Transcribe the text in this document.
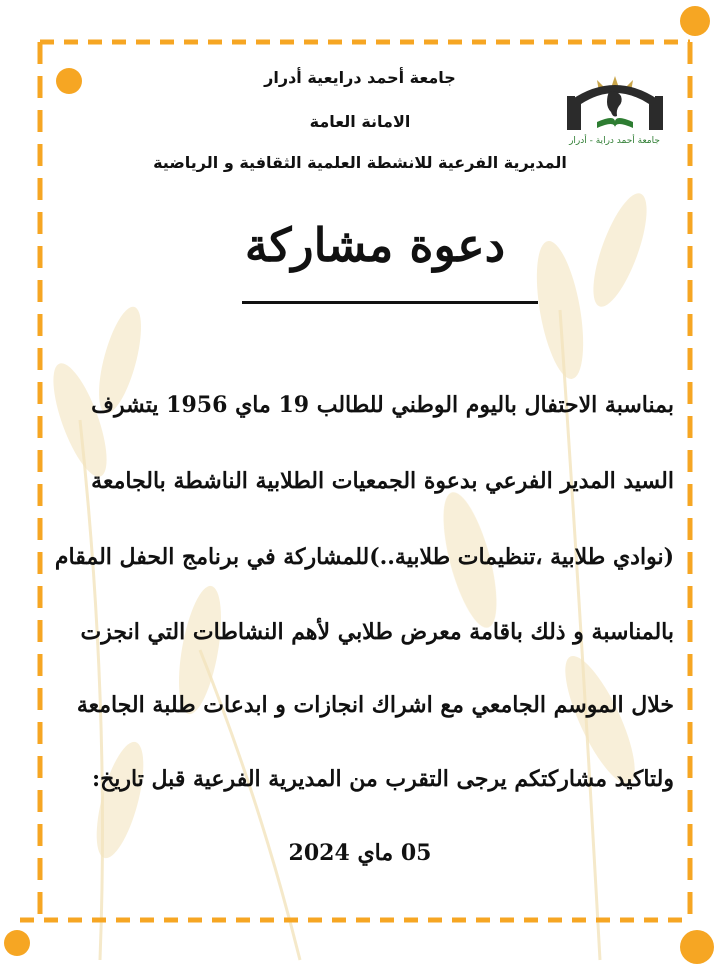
جامعة أحمد دراية - أدرار
جامعة أحمد درايعية أدرار
الامانة العامة
المديرية الفرعية للانشطة العلمية الثقافية و الرياضية
دعوة مشاركة
بمناسبة الاحتفال باليوم الوطني للطالب 19 ماي 1956 يتشرف
السيد المدير الفرعي بدعوة الجمعيات الطلابية الناشطة بالجامعة
(نوادي طلابية ،تنظيمات طلابية..)للمشاركة في برنامج الحفل المقام
بالمناسبة و ذلك باقامة معرض طلابي لأهم النشاطات التي انجزت
خلال الموسم الجامعي مع اشراك انجازات و ابدعات طلبة الجامعة
ولتاكيد مشاركتكم يرجى التقرب من المديرية الفرعية قبل تاريخ:
05 ماي 2024
